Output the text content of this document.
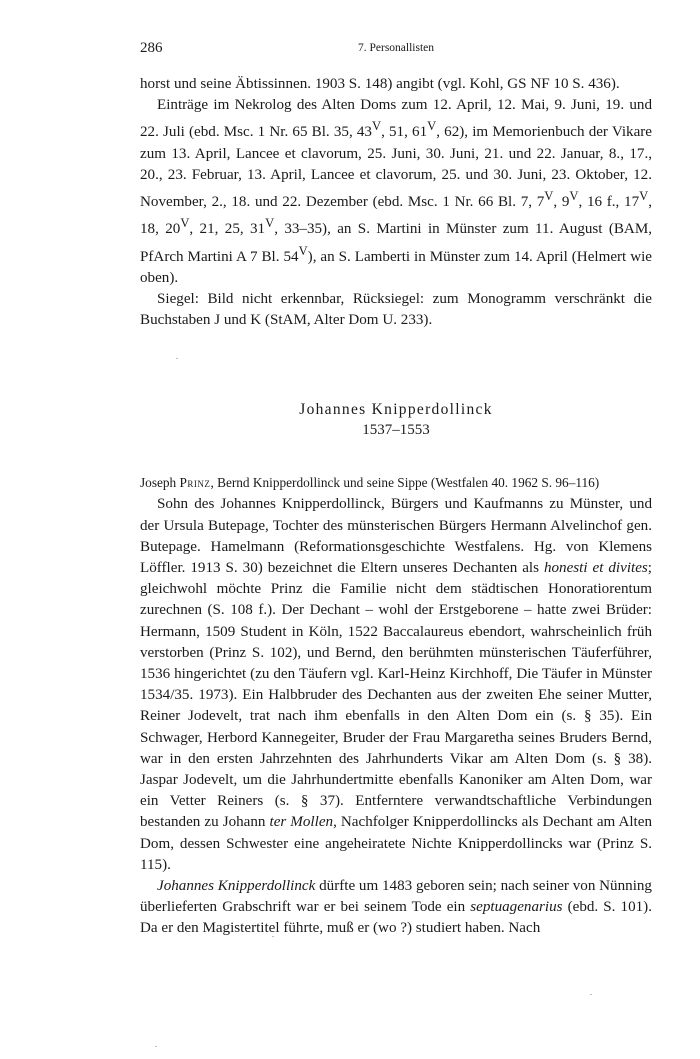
286	7. Personallisten

horst und seine Äbtissinnen. 1903 S. 148) angibt (vgl. Kohl, GS NF 10 S. 436).

Einträge im Nekrolog des Alten Doms zum 12. April, 12. Mai, 9. Juni, 19. und 22. Juli (ebd. Msc. 1 Nr. 65 Bl. 35, $43^V$, 51, $61^V$, 62), im Memorienbuch der Vikare zum 13. April, Lancee et clavorum, 25. Juni, 30. Juni, 21. und 22. Januar, 8., 17., 20., 23. Februar, 13. April, Lancee et clavorum, 25. und 30. Juni, 23. Oktober, 12. November, 2., 18. und 22. Dezember (ebd. Msc. 1 Nr. 66 Bl. 7, $7^V$, $9^V$, 16 f., $17^V$, 18, $20^V$, 21, 25, $31^V$, 33–35), an S. Martini in Münster zum 11. August (BAM, PfArch Martini A 7 Bl. $54^V$), an S. Lamberti in Münster zum 14. April (Helmert wie oben).

Siegel: Bild nicht erkennbar, Rücksiegel: zum Monogramm verschränkt die Buchstaben J und K (StAM, Alter Dom U. 233).

Johannes Knipperdollinck
1537–1553
Joseph Prinz, Bernd Knipperdollinck und seine Sippe (Westfalen 40. 1962 S. 96–116)

Sohn des Johannes Knipperdollinck, Bürgers und Kaufmanns zu Münster, und der Ursula Butepage, Tochter des münsterischen Bürgers Hermann Alvelinchof gen. Butepage. Hamelmann (Reformationsgeschichte Westfalens. Hg. von Klemens Löffler. 1913 S. 30) bezeichnet die Eltern unseres Dechanten als honesti et divites; gleichwohl möchte Prinz die Familie nicht dem städtischen Honoratiorentum zurechnen (S. 108 f.). Der Dechant – wohl der Erstgeborene – hatte zwei Brüder: Hermann, 1509 Student in Köln, 1522 Baccalaureus ebendort, wahrscheinlich früh verstorben (Prinz S. 102), und Bernd, den berühmten münsterischen Täuferführer, 1536 hingerichtet (zu den Täufern vgl. Karl-Heinz Kirchhoff, Die Täufer in Münster 1534/35. 1973). Ein Halbbruder des Dechanten aus der zweiten Ehe seiner Mutter, Reiner Jodevelt, trat nach ihm ebenfalls in den Alten Dom ein (s. § 35). Ein Schwager, Herbord Kannegeiter, Bruder der Frau Margaretha seines Bruders Bernd, war in den ersten Jahrzehnten des Jahrhunderts Vikar am Alten Dom (s. § 38). Jaspar Jodevelt, um die Jahrhundertmitte ebenfalls Kanoniker am Alten Dom, war ein Vetter Reiners (s. § 37). Entferntere verwandtschaftliche Verbindungen bestanden zu Johann ter Mollen, Nachfolger Knipperdollincks als Dechant am Alten Dom, dessen Schwester eine angeheiratete Nichte Knipperdollincks war (Prinz S. 115).

Johannes Knipperdollinck dürfte um 1483 geboren sein; nach seiner von Nünning überlieferten Grabschrift war er bei seinem Tode ein septuagenarius (ebd. S. 101). Da er den Magistertitel führte, muß er (wo ?) studiert haben. Nach
